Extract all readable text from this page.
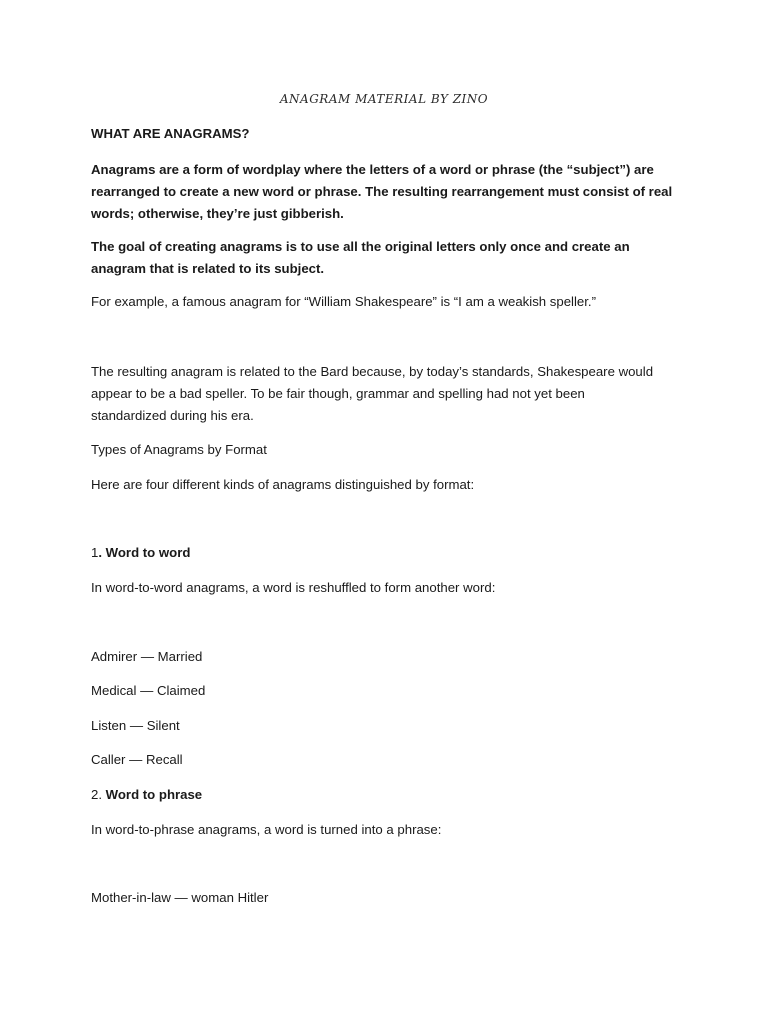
ANAGRAM MATERIAL BY ZINO

WHAT ARE ANAGRAMS?

Anagrams are a form of wordplay where the letters of a word or phrase (the “subject”) are

rearranged to create a new word or phrase. The resulting rearrangement must consist of real

words; otherwise, they’re just gibberish.

The goal of creating anagrams is to use all the original letters only once and create an

anagram that is related to its subject.

For example, a famous anagram for “William Shakespeare” is “I am a weakish speller.”

The resulting anagram is related to the Bard because, by today’s standards, Shakespeare would

appear to be a bad speller. To be fair though, grammar and spelling had not yet been

standardized during his era.

Types of Anagrams by Format

Here are four different kinds of anagrams distinguished by format:

1. Word to word

In word-to-word anagrams, a word is reshuffled to form another word:

Admirer — Married

Medical — Claimed

Listen — Silent

Caller — Recall

2. Word to phrase

In word-to-phrase anagrams, a word is turned into a phrase:

Mother-in-law — woman Hitler
